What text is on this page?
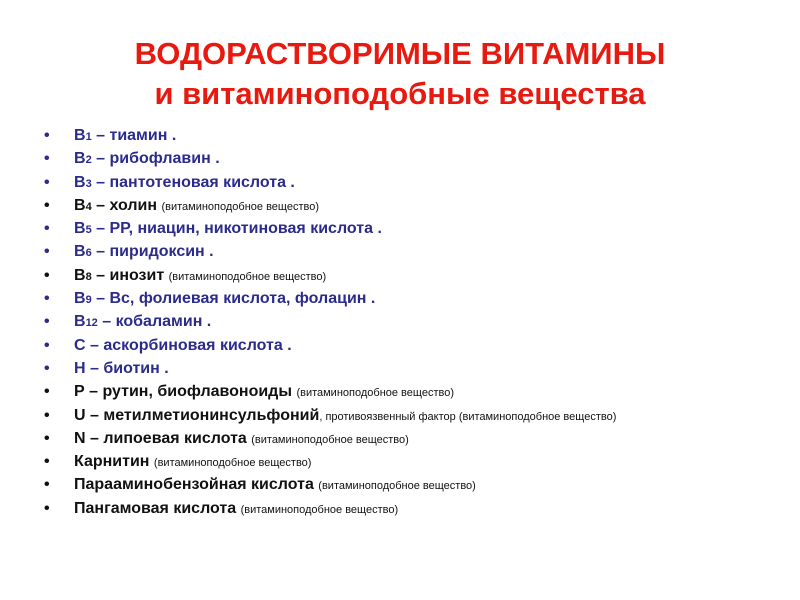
ВОДОРАСТВОРИМЫЕ ВИТАМИНЫ
и витаминоподобные вещества
•	В1 – тиамин .
•	В2 – рибофлавин .
•	В3 – пантотеновая кислота .
•	В4 – холин (витаминоподобное вещество)
•	В5 – РР, ниацин, никотиновая кислота .
•	В6 – пиридоксин .
•	В8 – инозит (витаминоподобное вещество)
•	В9 – Вс, фолиевая кислота, фолацин .
•	В12 – кобаламин .
•	С – аскорбиновая кислота .
•	Н – биотин .
•	Р – рутин, биофлавоноиды (витаминоподобное вещество)
•	U – метилметионинсульфоний, противоязвенный фактор (витаминоподобное вещество)
•	N – липоевая кислота (витаминоподобное вещество)
•	Карнитин (витаминоподобное вещество)
•	Парааминобензойная кислота (витаминоподобное вещество)
•	Пангамовая кислота (витаминоподобное вещество)
